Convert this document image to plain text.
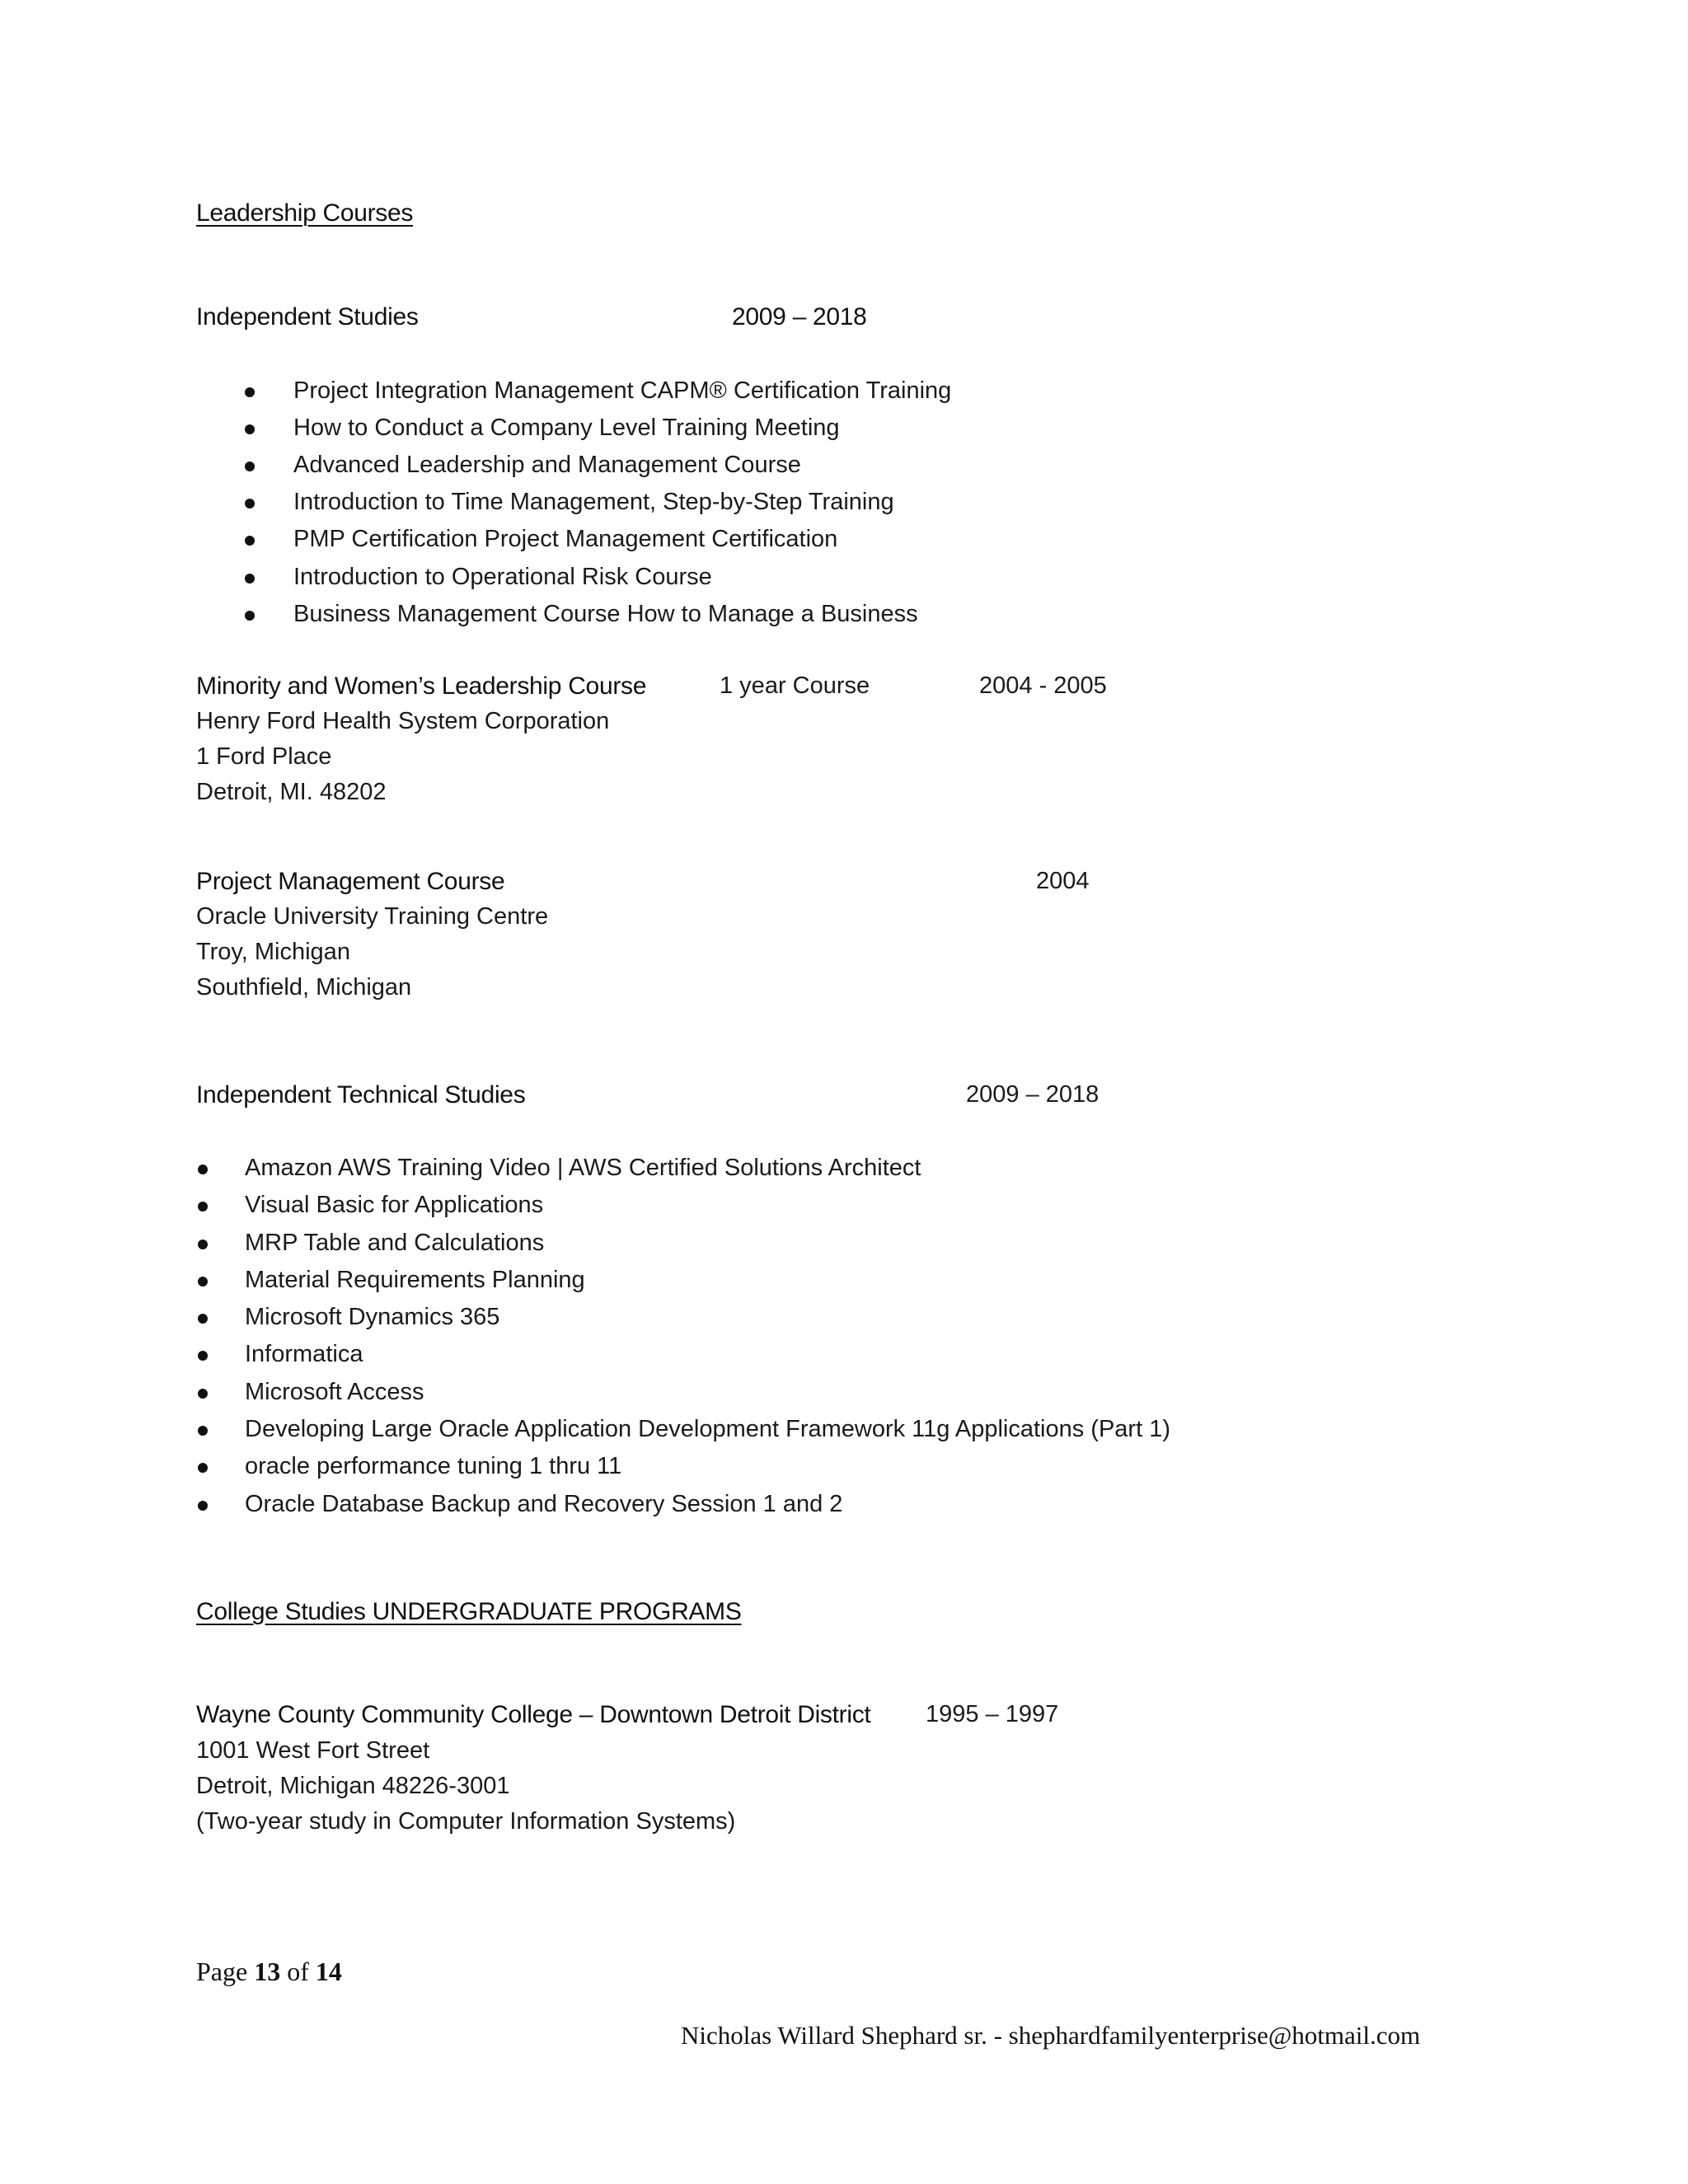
Leadership Courses
Independent Studies	2009 – 2018
Project Integration Management CAPM® Certification Training
How to Conduct a Company Level Training Meeting
Advanced Leadership and Management Course
Introduction to Time Management, Step-by-Step Training
PMP Certification Project Management Certification
Introduction to Operational Risk Course
Business Management Course How to Manage a Business
Minority and Women’s Leadership Course	1 year Course	2004 - 2005
Henry Ford Health System Corporation
1 Ford Place
Detroit, MI. 48202
Project Management Course	2004
Oracle University Training Centre
Troy, Michigan
Southfield, Michigan
Independent Technical Studies	2009 – 2018
Amazon AWS Training Video | AWS Certified Solutions Architect
Visual Basic for Applications
MRP Table and Calculations
Material Requirements Planning
Microsoft Dynamics 365
Informatica
Microsoft Access
Developing Large Oracle Application Development Framework 11g Applications (Part 1)
oracle performance tuning 1 thru 11
Oracle Database Backup and Recovery Session 1 and 2
College Studies UNDERGRADUATE PROGRAMS
Wayne County Community College – Downtown Detroit District 1995 – 1997
1001 West Fort Street
Detroit, Michigan 48226-3001
(Two-year study in Computer Information Systems)
Page 13 of 14
Nicholas Willard Shephard sr. - shephardfamilyenterprise@hotmail.com
